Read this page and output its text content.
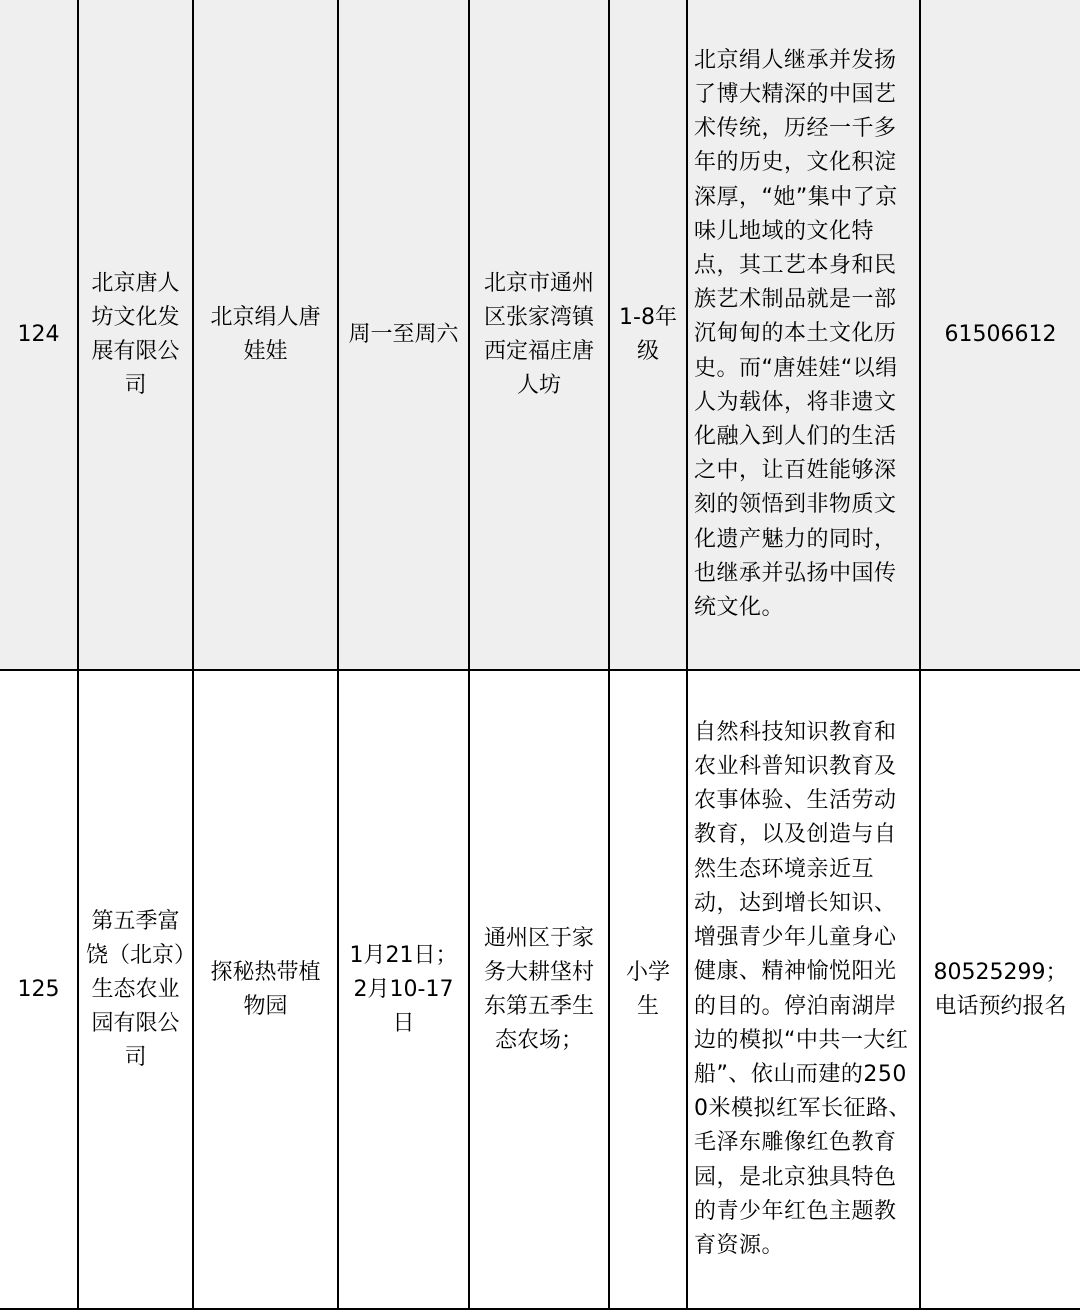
124	北京唐人坊文化发展有限公司	北京绢人唐娃娃	周一至周六	北京市通州区张家湾镇西定福庄唐人坊	1-8年级	北京绢人继承并发扬了博大精深的中国艺术传统，历经一千多年的历史，文化积淀深厚，“她”集中了京味儿地域的文化特点，其工艺本身和民族艺术制品就是一部沉甸甸的本土文化历史。而“唐娃娃“以绢人为载体，将非遗文化融入到人们的生活之中，让百姓能够深刻的领悟到非物质文化遗产魅力的同时，也继承并弘扬中国传统文化。	61506612

125	第五季富饶（北京）生态农业园有限公司	探秘热带植物园	1月21日；2月10-17日	通州区于家务大耕垡村东第五季生态农场；	小学生	自然科技知识教育和农业科普知识教育及农事体验、生活劳动教育，以及创造与自然生态环境亲近互动，达到增长知识、增强青少年儿童身心健康、精神愉悦阳光的目的。停泊南湖岸边的模拟“中共一大红船”、依山而建的2500米模拟红军长征路、毛泽东雕像红色教育园，是北京独具特色的青少年红色主题教育资源。	80525299；电话预约报名
